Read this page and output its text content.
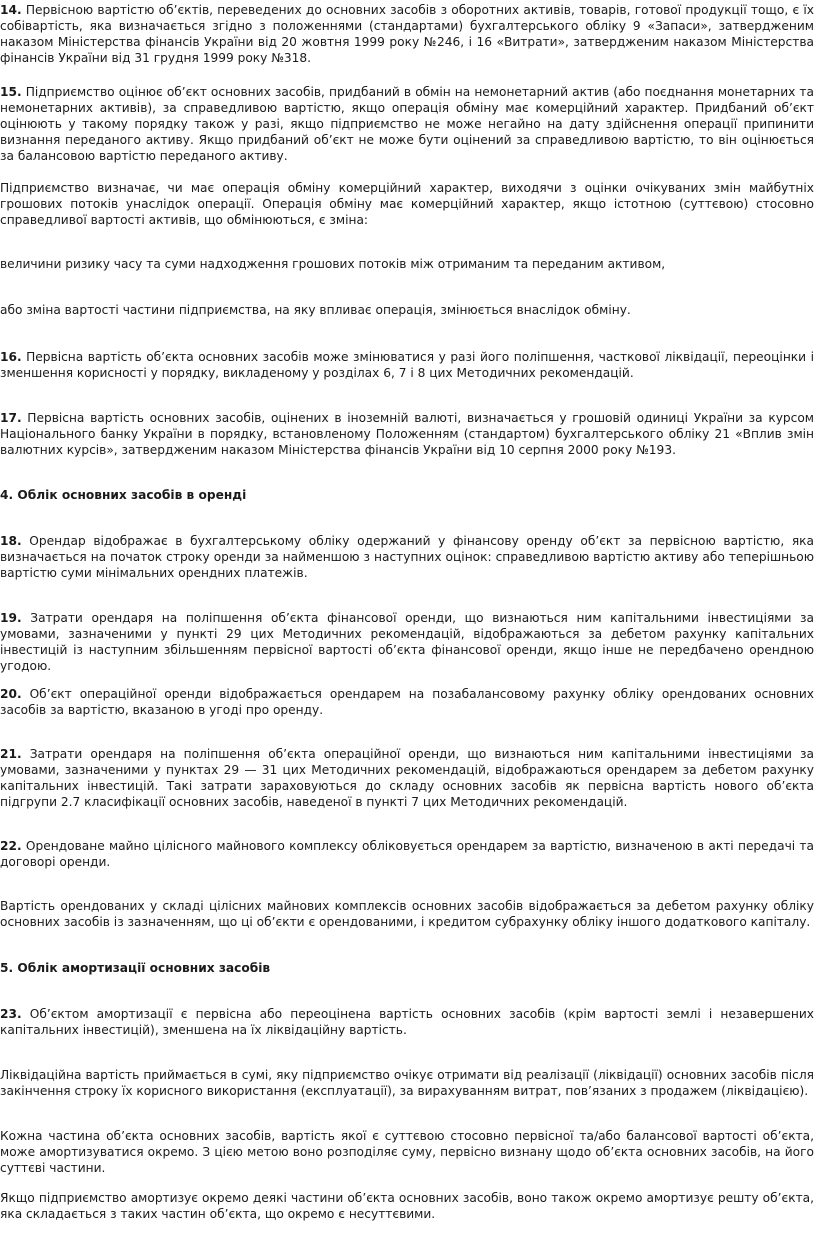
14. Первісною вартістю об’єктів, переведених до основних засобів з оборотних активів, товарів, готової продукції тощо, є їх собівартість, яка визначається згідно з положеннями (стандартами) бухгалтерського обліку 9 «Запаси», затвердженим наказом Міністерства фінансів України від 20 жовтня 1999 року №246, і 16 «Витрати», затвердженим наказом Міністерства фінансів України від 31 грудня 1999 року №318.

15. Підприємство оцінює об’єкт основних засобів, придбаний в обмін на немонетарний актив (або поєднання монетарних та немонетарних активів), за справедливою вартістю, якщо операція обміну має комерційний характер. Придбаний об’єкт оцінюють у такому порядку також у разі, якщо підприємство не може негайно на дату здійснення операції припинити визнання переданого активу. Якщо придбаний об’єкт не може бути оцінений за справедливою вартістю, то він оцінюється за балансовою вартістю переданого активу.

Підприємство визначає, чи має операція обміну комерційний характер, виходячи з оцінки очікуваних змін майбутніх грошових потоків унаслідок операції. Операція обміну має комерційний характер, якщо істотною (суттєвою) стосовно справедливої вартості активів, що обмінюються, є зміна:

величини ризику часу та суми надходження грошових потоків між отриманим та переданим активом,

або зміна вартості частини підприємства, на яку впливає операція, змінюється внаслідок обміну.

16. Первісна вартість об’єкта основних засобів може змінюватися у разі його поліпшення, часткової ліквідації, переоцінки і зменшення корисності у порядку, викладеному у розділах 6, 7 і 8 цих Методичних рекомендацій.

17. Первісна вартість основних засобів, оцінених в іноземній валюті, визначається у грошовій одиниці України за курсом Національного банку України в порядку, встановленому Положенням (стандартом) бухгалтерського обліку 21 «Вплив змін валютних курсів», затвердженим наказом Міністерства фінансів України від 10 серпня 2000 року №193.

4. Облік основних засобів в оренді

18. Орендар відображає в бухгалтерському обліку одержаний у фінансову оренду об’єкт за первісною вартістю, яка визначається на початок строку оренди за найменшою з наступних оцінок: справедливою вартістю активу або теперішньою вартістю суми мінімальних орендних платежів.

19. Затрати орендаря на поліпшення об’єкта фінансової оренди, що визнаються ним капітальними інвестиціями за умовами, зазначеними у пункті 29 цих Методичних рекомендацій, відображаються за дебетом рахунку капітальних інвестицій із наступним збільшенням первісної вартості об’єкта фінансової оренди, якщо інше не передбачено орендною угодою.

20. Об’єкт операційної оренди відображається орендарем на позабалансовому рахунку обліку орендованих основних засобів за вартістю, вказаною в угоді про оренду.

21. Затрати орендаря на поліпшення об’єкта операційної оренди, що визнаються ним капітальними інвестиціями за умовами, зазначеними у пунктах 29 — 31 цих Методичних рекомендацій, відображаються орендарем за дебетом рахунку капітальних інвестицій. Такі затрати зараховуються до складу основних засобів як первісна вартість нового об’єкта підгрупи 2.7 класифікації основних засобів, наведеної в пункті 7 цих Методичних рекомендацій.

22. Орендоване майно цілісного майнового комплексу обліковується орендарем за вартістю, визначеною в акті передачі та договорі оренди.

Вартість орендованих у складі цілісних майнових комплексів основних засобів відображається за дебетом рахунку обліку основних засобів із зазначенням, що ці об’єкти є орендованими, і кредитом субрахунку обліку іншого додаткового капіталу.

5. Облік амортизації основних засобів

23. Об’єктом амортизації є первісна або переоцінена вартість основних засобів (крім вартості землі і незавершених капітальних інвестицій), зменшена на їх ліквідаційну вартість.

Ліквідаційна вартість приймається в сумі, яку підприємство очікує отримати від реалізації (ліквідації) основних засобів після закінчення строку їх корисного використання (експлуатації), за вирахуванням витрат, пов’язаних з продажем (ліквідацією).

Кожна частина об’єкта основних засобів, вартість якої є суттєвою стосовно первісної та/або балансової вартості об’єкта, може амортизуватися окремо. З цією метою воно розподіляє суму, первісно визнану щодо об’єкта основних засобів, на його суттєві частини.

Якщо підприємство амортизує окремо деякі частини об’єкта основних засобів, воно також окремо амортизує решту об’єкта, яка складається з таких частин об’єкта, що окремо є несуттєвими.
